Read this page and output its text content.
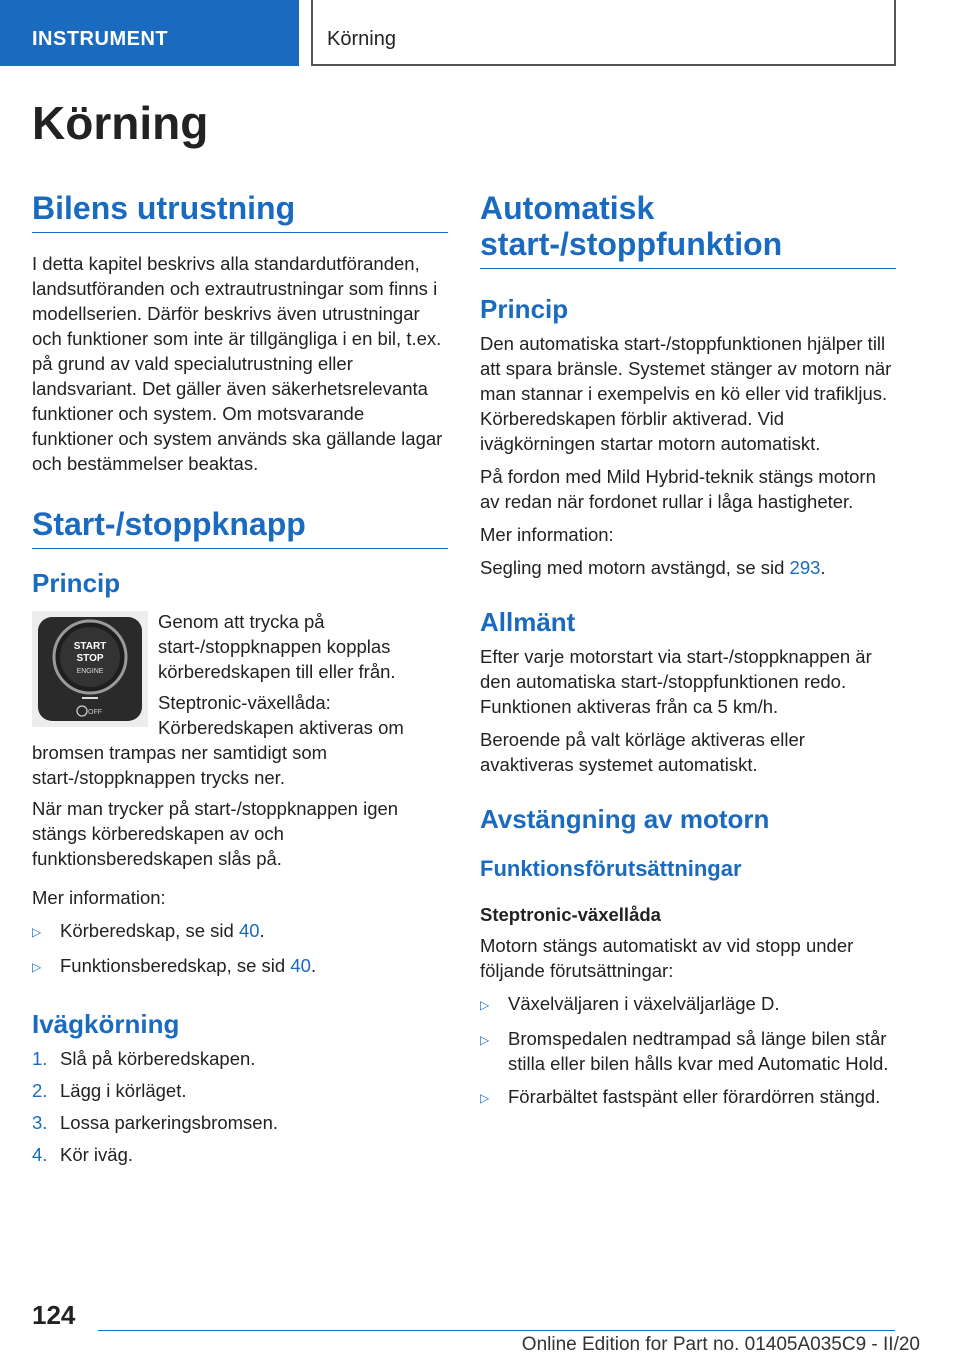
INSTRUMENT	Körning
Körning
Bilens utrustning

I detta kapitel beskrivs alla standardutföranden, landsutföranden och extrautrustningar som finns i modellserien. Därför beskrivs även utrustningar och funktioner som inte är tillgängliga i en bil, t.ex. på grund av vald specialutrustning eller landsvariant. Det gäller även säkerhetsrelevanta funktioner och system. Om motsvarande funktioner och system används ska gällande lagar och bestämmelser beaktas.

Start-/stoppknapp
Princip
START
STOP
ENGINE
OFF

Genom att trycka på start-/stoppknappen kopplas körberedskapen till eller från.

Steptronic-växellåda: Körberedskapen aktiveras om bromsen trampas ner samtidigt som start-/stoppknappen trycks ner.

När man trycker på start-/stoppknappen igen stängs körberedskapen av och funktionsberedskapen slås på.

Mer information:

▷	Körberedskap, se sid 40.
▷	Funktionsberedskap, se sid 40.
Ivägkörning
1. Slå på körberedskapen.
2. Lägg i körläget.
3. Lossa parkeringsbromsen.
4. Kör iväg.
Automatisk start-/stoppfunktion
Princip

Den automatiska start-/stoppfunktionen hjälper till att spara bränsle. Systemet stänger av motorn när man stannar i exempelvis en kö eller vid trafikljus. Körberedskapen förblir aktiverad. Vid ivägkörningen startar motorn automatiskt.

På fordon med Mild Hybrid-teknik stängs motorn av redan när fordonet rullar i låga hastigheter.

Mer information:

Segling med motorn avstängd, se sid 293.

Allmänt

Efter varje motorstart via start-/stoppknappen är den automatiska start-/stoppfunktionen redo. Funktionen aktiveras från ca 5 km/h.

Beroende på valt körläge aktiveras eller avaktiveras systemet automatiskt.

Avstängning av motorn
Funktionsförutsättningar
Steptronic-växellåda

Motorn stängs automatiskt av vid stopp under följande förutsättningar:

▷	Växelväljaren i växelväljarläge D.
▷	Bromspedalen nedtrampad så länge bilen står stilla eller bilen hålls kvar med Automatic Hold.
▷	Förarbältet fastspänt eller förardörren stängd.
124
Online Edition for Part no. 01405A035C9 - II/20
